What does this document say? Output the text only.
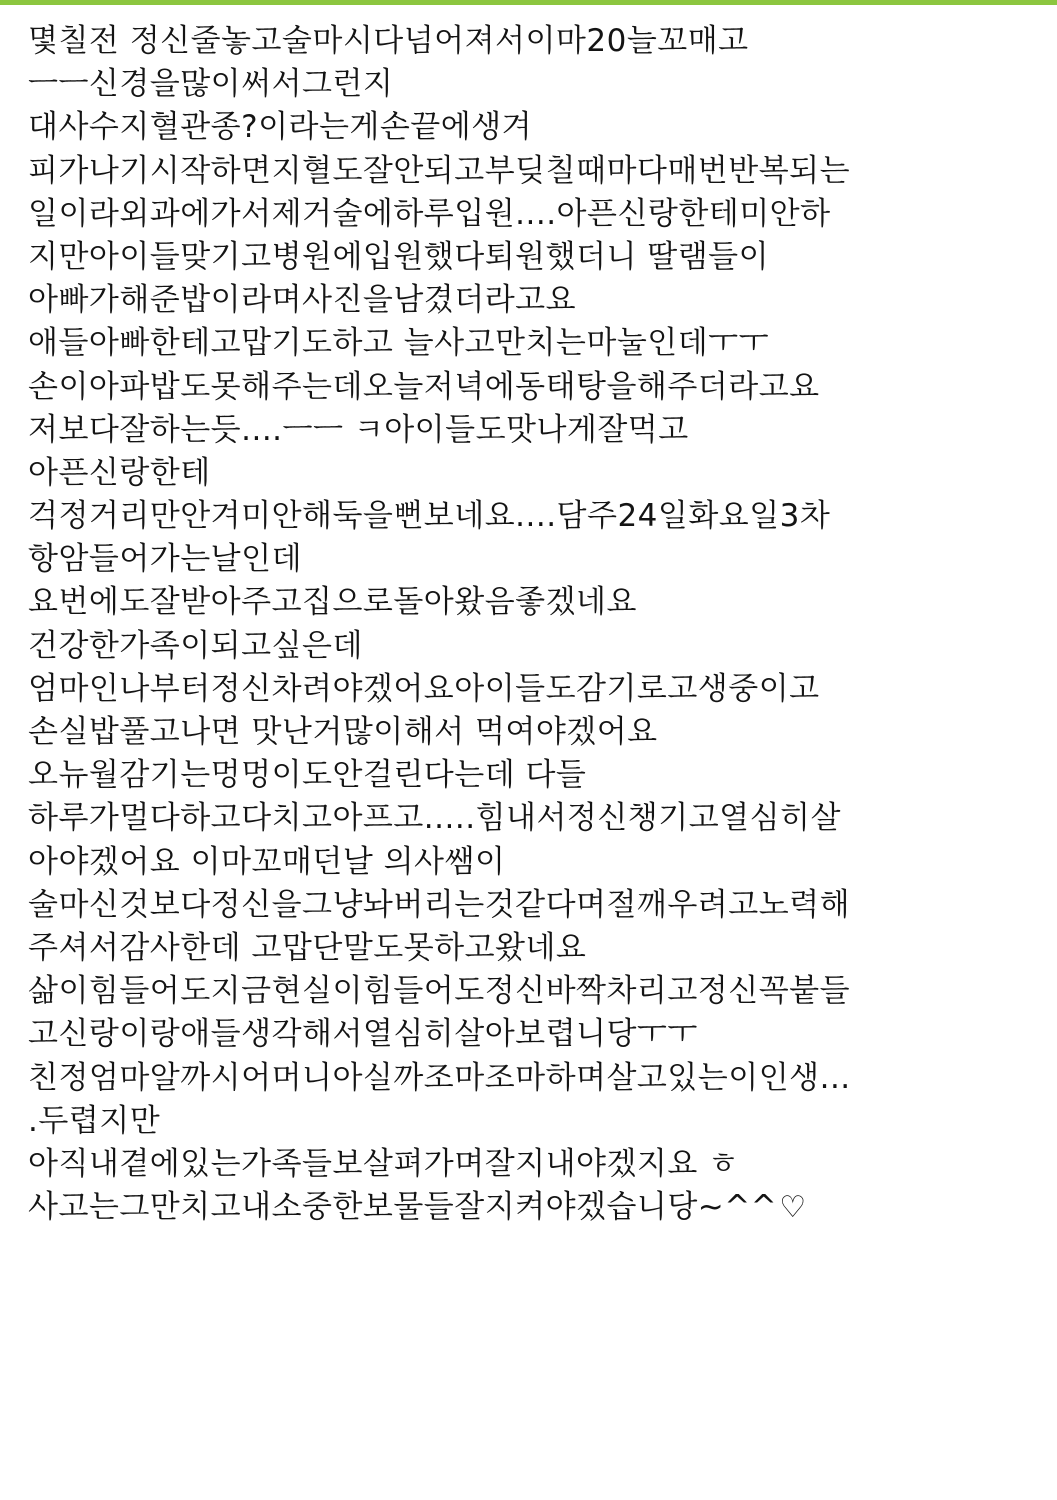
몇칠전 정신줄놓고술마시다넘어져서이마20늘꼬매고
ㅡㅡ신경을많이써서그런지
대사수지혈관종?이라는게손끝에생겨
피가나기시작하면지혈도잘안되고부딪칠때마다매번반복되는
일이라외과에가서제거술에하루입원....아픈신랑한테미안하
지만아이들맞기고병원에입원했다퇴원했더니 딸램들이
아빠가해준밥이라며사진을남겼더라고요
애들아빠한테고맙기도하고 늘사고만치는마눌인데ㅜㅜ
손이아파밥도못해주는데오늘저녁에동태탕을해주더라고요
저보다잘하는듯....ㅡㅡ ㅋ아이들도맛나게잘먹고
아픈신랑한테
걱정거리만안겨미안해둑을뻔보네요....담주24일화요일3차
항암들어가는날인데
요번에도잘받아주고집으로돌아왔음좋겠네요
건강한가족이되고싶은데
엄마인나부터정신차려야겠어요아이들도감기로고생중이고
손실밥풀고나면 맛난거많이해서 먹여야겠어요
오뉴월감기는멍멍이도안걸린다는데 다들
하루가멀다하고다치고아프고.....힘내서정신챙기고열심히살
아야겠어요 이마꼬매던날 의사쌤이
술마신것보다정신을그냥놔버리는것같다며절깨우려고노력해
주셔서감사한데 고맙단말도못하고왔네요
삶이힘들어도지금현실이힘들어도정신바짝차리고정신꼭붙들
고신랑이랑애들생각해서열심히살아보렵니당ㅜㅜ
친정엄마알까시어머니아실까조마조마하며살고있는이인생...
.두렵지만
아직내곁에있는가족들보살펴가며잘지내야겠지요 ㅎ
사고는그만치고내소중한보물들잘지켜야겠습니당~^^♡
